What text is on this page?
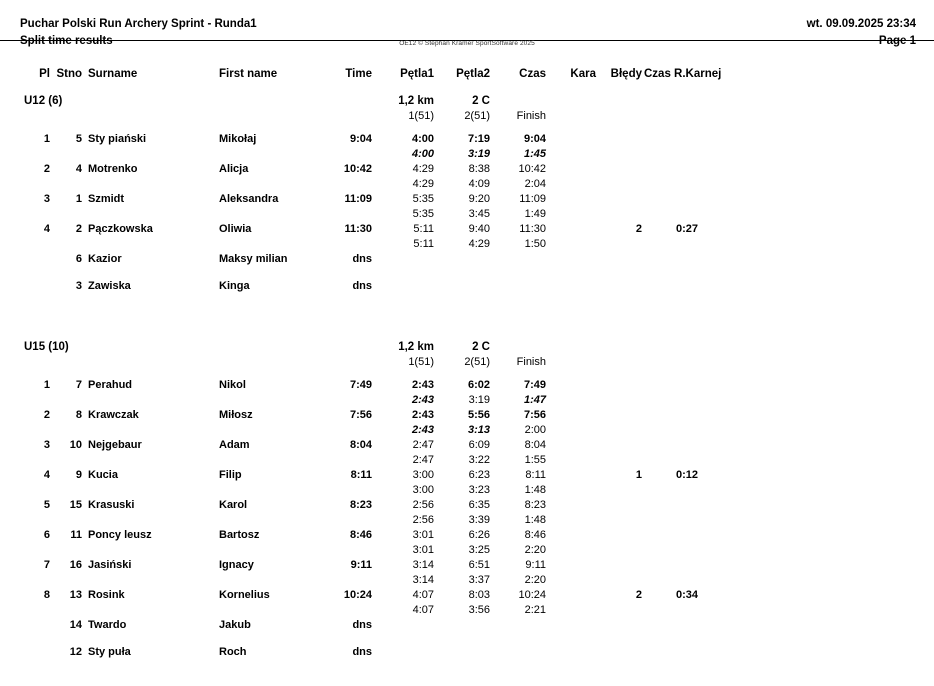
Puchar Polski Run Archery Sprint - Runda1
Split time results
wt. 09.09.2025 23:34
Page 1
OE12 © Stephan Krämer SportSoftware 2025
Pl Stno Surname	First name	Time	Pętla1	Pętla2	Czas	Kara	Błędy Czas R.Karnej
U12 (6)	1,2 km	2 C
1(51)	2(51)	Finish
1	5 Sty piański	Mikołaj	9:04	4:00	7:19	9:04
4:00	3:19	1:45
2	4 Motrenko	Alicja	10:42	4:29	8:38	10:42
4:29	4:09	2:04
3	1 Szmidt	Aleksandra	11:09	5:35	9:20	11:09
5:35	3:45	1:49
4	2 Pączkowska	Oliwia	11:30	5:11	9:40	11:30	2	0:27
5:11	4:29	1:50
6 Kazior	Maksy milian	dns
3 Zawiska	Kinga	dns
U15 (10)	1,2 km	2 C
1(51)	2(51)	Finish
1	7 Perahud	Nikol	7:49	2:43	6:02	7:49
2:43	3:19	1:47
2	8 Krawczak	Miłosz	7:56	2:43	5:56	7:56
2:43	3:13	2:00
3	10 Nejgebaur	Adam	8:04	2:47	6:09	8:04
2:47	3:22	1:55
4	9 Kucia	Filip	8:11	3:00	6:23	8:11	1	0:12
3:00	3:23	1:48
5	15 Krasuski	Karol	8:23	2:56	6:35	8:23
2:56	3:39	1:48
6	11 Poncy leusz	Bartosz	8:46	3:01	6:26	8:46
3:01	3:25	2:20
7	16 Jasiński	Ignacy	9:11	3:14	6:51	9:11
3:14	3:37	2:20
8	13 Rosink	Kornelius	10:24	4:07	8:03	10:24	2	0:34
4:07	3:56	2:21
14 Twardo	Jakub	dns
12 Sty puła	Roch	dns
